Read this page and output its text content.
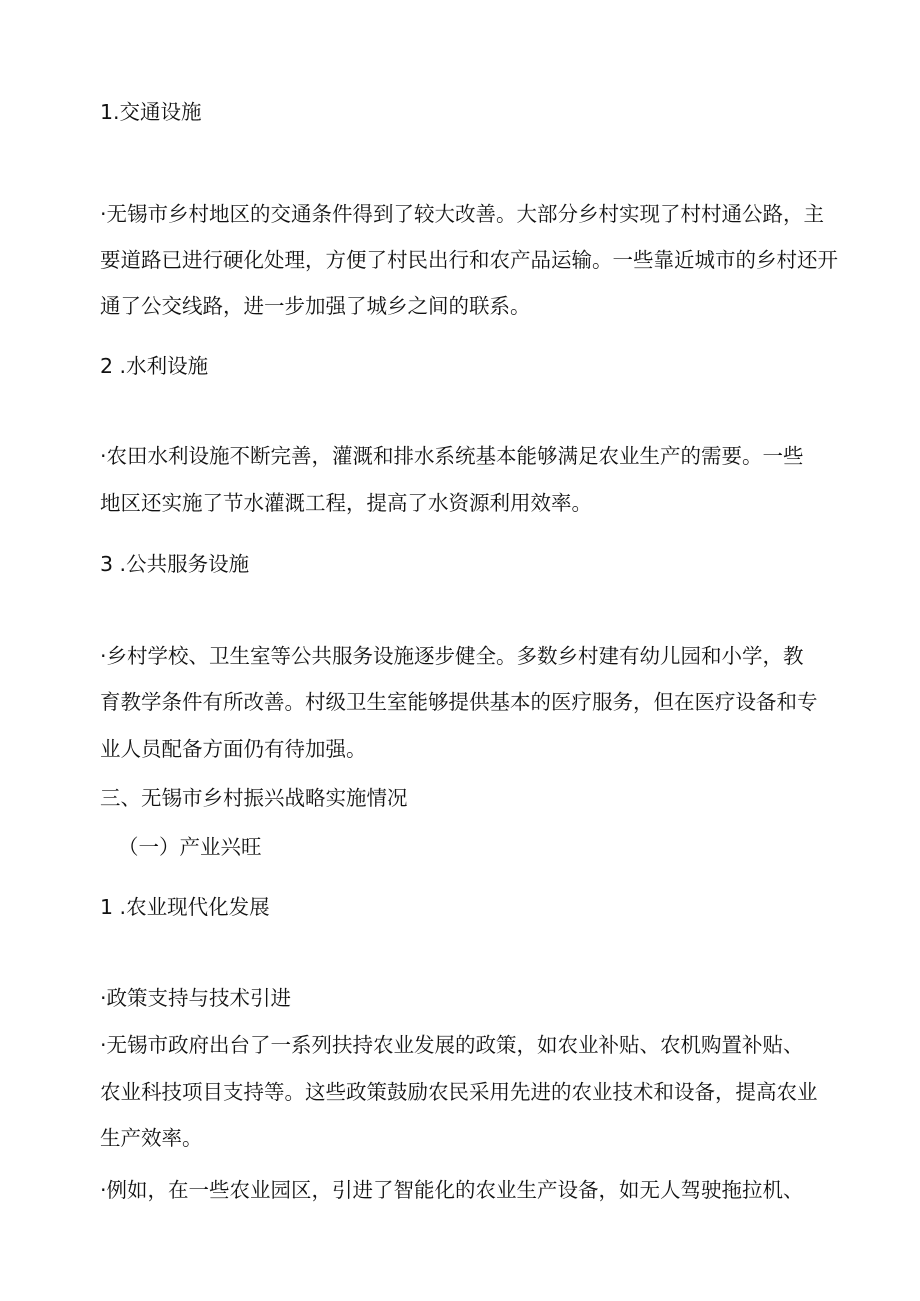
1.交通设施
·无锡市乡村地区的交通条件得到了较大改善。大部分乡村实现了村村通公路，主
要道路已进行硬化处理，方便了村民出行和农产品运输。一些靠近城市的乡村还开
通了公交线路，进一步加强了城乡之间的联系。
2 .水利设施
·农田水利设施不断完善，灌溉和排水系统基本能够满足农业生产的需要。一些
地区还实施了节水灌溉工程，提高了水资源利用效率。
3 .公共服务设施
·乡村学校、卫生室等公共服务设施逐步健全。多数乡村建有幼儿园和小学，教
育教学条件有所改善。村级卫生室能够提供基本的医疗服务，但在医疗设备和专
业人员配备方面仍有待加强。
三、无锡市乡村振兴战略实施情况
（一）产业兴旺
1 .农业现代化发展
·政策支持与技术引进
·无锡市政府出台了一系列扶持农业发展的政策，如农业补贴、农机购置补贴、
农业科技项目支持等。这些政策鼓励农民采用先进的农业技术和设备，提高农业
生产效率。
·例如，在一些农业园区，引进了智能化的农业生产设备，如无人驾驶拖拉机、
